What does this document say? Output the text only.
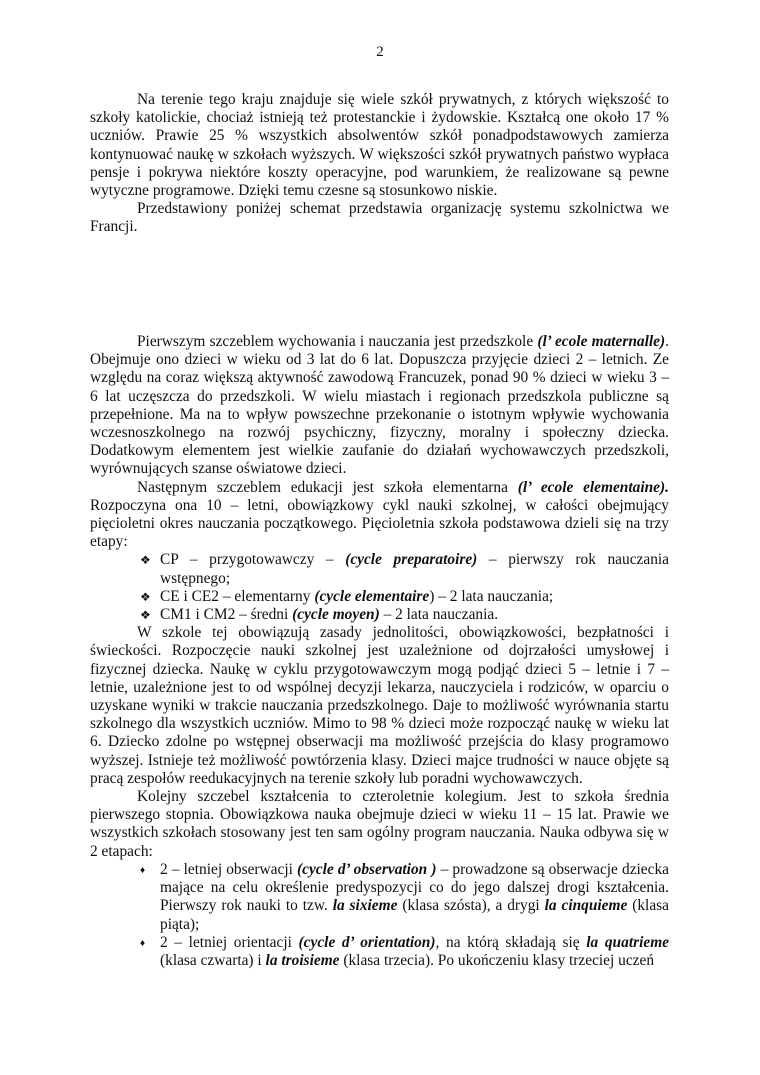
2

Na terenie tego kraju znajduje się wiele szkół prywatnych, z których większość to szkoły katolickie, chociaż istnieją też protestanckie i żydowskie. Kształcą one około 17 % uczniów. Prawie 25 % wszystkich absolwentów szkół ponadpodstawowych zamierza kontynuować naukę w szkołach wyższych. W większości szkół prywatnych państwo wypłaca pensje i pokrywa niektóre koszty operacyjne, pod warunkiem, że realizowane są pewne wytyczne programowe. Dzięki temu czesne są stosunkowo niskie.

Przedstawiony poniżej schemat przedstawia organizację systemu szkolnictwa we Francji.

Pierwszym szczeblem wychowania i nauczania jest przedszkole (l’ ecole maternalle). Obejmuje ono dzieci w wieku od 3 lat do 6 lat. Dopuszcza przyjęcie dzieci 2 – letnich. Ze względu na coraz większą aktywność zawodową Francuzek, ponad 90 % dzieci w wieku 3 – 6 lat uczęszcza do przedszkoli. W wielu miastach i regionach przedszkola publiczne są przepełnione. Ma na to wpływ powszechne przekonanie o istotnym wpływie wychowania wczesnoszkolnego na rozwój psychiczny, fizyczny, moralny i społeczny dziecka. Dodatkowym elementem jest wielkie zaufanie do działań wychowawczych przedszkoli, wyrównujących szanse oświatowe dzieci.

Następnym szczeblem edukacji jest szkoła elementarna (l’ ecole elementaine). Rozpoczyna ona 10 – letni, obowiązkowy cykl nauki szkolnej, w całości obejmujący pięcioletni okres nauczania początkowego. Pięcioletnia szkoła podstawowa dzieli się na trzy etapy:

❖ CP – przygotowawczy – (cycle preparatoire) – pierwszy rok nauczania wstępnego;
❖ CE i CE2 – elementarny (cycle elementaire) – 2 lata nauczania;
❖ CM1 i CM2 – średni (cycle moyen) – 2 lata nauczania.

W szkole tej obowiązują zasady jednolitości, obowiązkowości, bezpłatności i świeckości. Rozpoczęcie nauki szkolnej jest uzależnione od dojrzałości umysłowej i fizycznej dziecka. Naukę w cyklu przygotowawczym mogą podjąć dzieci 5 – letnie i 7 – letnie, uzależnione jest to od wspólnej decyzji lekarza, nauczyciela i rodziców, w oparciu o uzyskane wyniki w trakcie nauczania przedszkolnego. Daje to możliwość wyrównania startu szkolnego dla wszystkich uczniów. Mimo to 98 % dzieci może rozpocząć naukę w wieku lat 6. Dziecko zdolne po wstępnej obserwacji ma możliwość przejścia do klasy programowo wyższej. Istnieje też możliwość powtórzenia klasy. Dzieci majce trudności w nauce objęte są pracą zespołów reedukacyjnych na terenie szkoły lub poradni wychowawczych.

Kolejny szczebel kształcenia to czteroletnie kolegium. Jest to szkoła średnia pierwszego stopnia. Obowiązkowa nauka obejmuje dzieci w wieku 11 – 15 lat. Prawie we wszystkich szkołach stosowany jest ten sam ogólny program nauczania. Nauka odbywa się w 2 etapach:

♦ 2 – letniej obserwacji (cycle d’ observation ) – prowadzone są obserwacje dziecka mające na celu określenie predyspozycji co do jego dalszej drogi kształcenia. Pierwszy rok nauki to tzw. la sixieme (klasa szósta), a drygi la cinquieme (klasa piąta);
♦ 2 – letniej orientacji (cycle d’ orientation), na którą składają się la quatrieme (klasa czwarta) i la troisieme (klasa trzecia). Po ukończeniu klasy trzeciej uczeń
